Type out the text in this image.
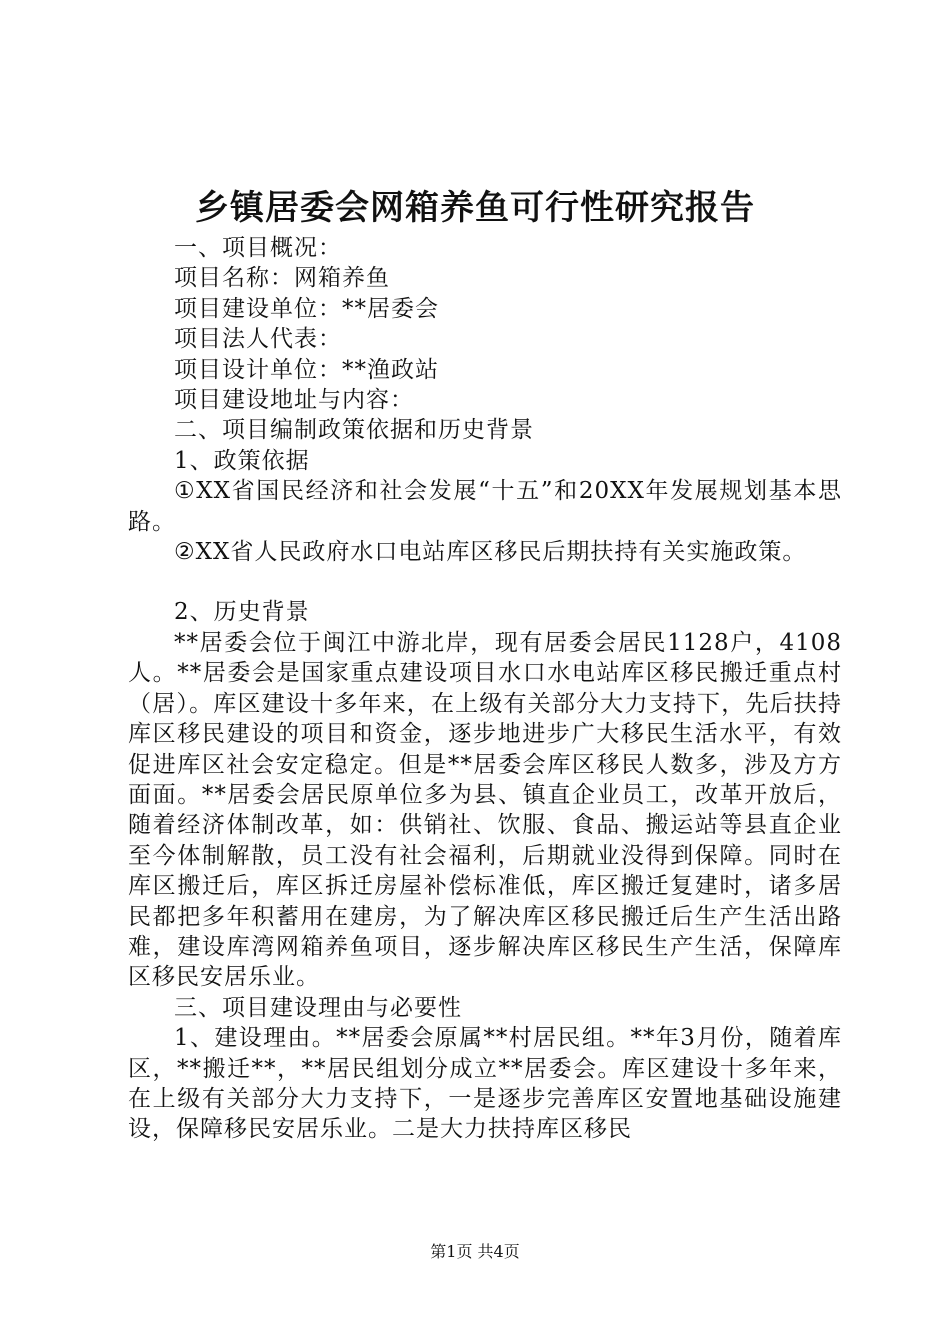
乡镇居委会网箱养鱼可行性研究报告

一、项目概况：

项目名称：网箱养鱼

项目建设单位：**居委会

项目法人代表：

项目设计单位：**渔政站

项目建设地址与内容：

二、项目编制政策依据和历史背景

1、政策依据

①XX省国民经济和社会发展“十五”和20XX年发展规划基本思路。

②XX省人民政府水口电站库区移民后期扶持有关实施政策。

2、历史背景

**居委会位于闽江中游北岸，现有居委会居民1128户，4108人。**居委会是国家重点建设项目水口水电站库区移民搬迁重点村（居）。库区建设十多年来，在上级有关部分大力支持下，先后扶持库区移民建设的项目和资金，逐步地进步广大移民生活水平，有效促进库区社会安定稳定。但是**居委会库区移民人数多，涉及方方面面。**居委会居民原单位多为县、镇直企业员工，改革开放后，随着经济体制改革，如：供销社、饮服、食品、搬运站等县直企业至今体制解散，员工没有社会福利，后期就业没得到保障。同时在库区搬迁后，库区拆迁房屋补偿标准低，库区搬迁复建时，诸多居民都把多年积蓄用在建房，为了解决库区移民搬迁后生产生活出路难，建设库湾网箱养鱼项目，逐步解决库区移民生产生活，保障库区移民安居乐业。

三、项目建设理由与必要性

1、建设理由。**居委会原属**村居民组。**年3月份，随着库区，**搬迁**，**居民组划分成立**居委会。库区建设十多年来，在上级有关部分大力支持下，一是逐步完善库区安置地基础设施建设，保障移民安居乐业。二是大力扶持库区移民

第1页 共4页
